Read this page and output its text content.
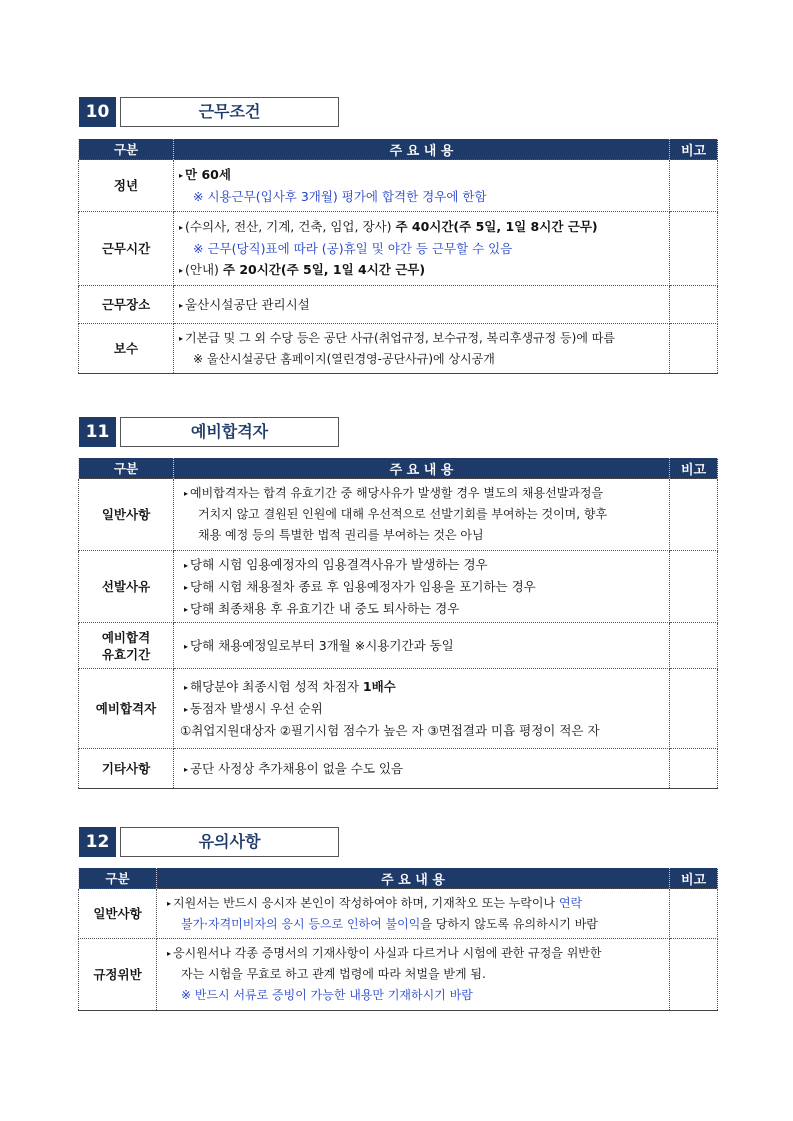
10	근무조건
구분	주 요 내 용	비고
정년	▸ 만 60세
※ 시용근무(입사후 3개월) 평가에 합격한 경우에 한함	

근무시간	▸ (수의사, 전산, 기계, 건축, 임업, 장사) 주 40시간(주 5일, 1일 8시간 근무)
※ 근무(당직)표에 따라 (공)휴일 및 야간 등 근무할 수 있음
▸ (안내) 주 20시간(주 5일, 1일 4시간 근무)	

근무장소	▸ 울산시설공단 관리시설	

보수	▸ 기본급 및 그 외 수당 등은 공단 사규(취업규정, 보수규정, 복리후생규정 등)에 따름
※ 울산시설공단 홈페이지(열린경영-공단사규)에 상시공개	

11	예비합격자
구분	주 요 내 용	비고
일반사항	▸ 예비합격자는 합격 유효기간 중 해당사유가 발생할 경우 별도의 채용선발과정을
거치지 않고 결원된 인원에 대해 우선적으로 선발기회를 부여하는 것이며, 향후
채용 예정 등의 특별한 법적 권리를 부여하는 것은 아님	

선발사유	▸ 당해 시험 임용예정자의 임용결격사유가 발생하는 경우
▸ 당해 시험 채용절차 종료 후 임용예정자가 임용을 포기하는 경우
▸ 당해 최종채용 후 유효기간 내 중도 퇴사하는 경우	

예비합격
유효기간	▸ 당해 채용예정일로부터 3개월 ※시용기간과 동일	

예비합격자	▸ 해당분야 최종시험 성적 차점자 1배수
▸ 동점자 발생시 우선 순위
①취업지원대상자 ②필기시험 점수가 높은 자 ③면접결과 미흡 평정이 적은 자	

기타사항	▸ 공단 사정상 추가채용이 없을 수도 있음	

12	유의사항
구분	주 요 내 용	비고
일반사항	▸ 지원서는 반드시 응시자 본인이 작성하여야 하며, 기재착오 또는 누락이나 연락
불가·자격미비자의 응시 등으로 인하여 불이익을 당하지 않도록 유의하시기 바람	

규정위반	▸ 응시원서나 각종 증명서의 기재사항이 사실과 다르거나 시험에 관한 규정을 위반한
자는 시험을 무효로 하고 관계 법령에 따라 처벌을 받게 됨.
※ 반드시 서류로 증빙이 가능한 내용만 기재하시기 바람	
